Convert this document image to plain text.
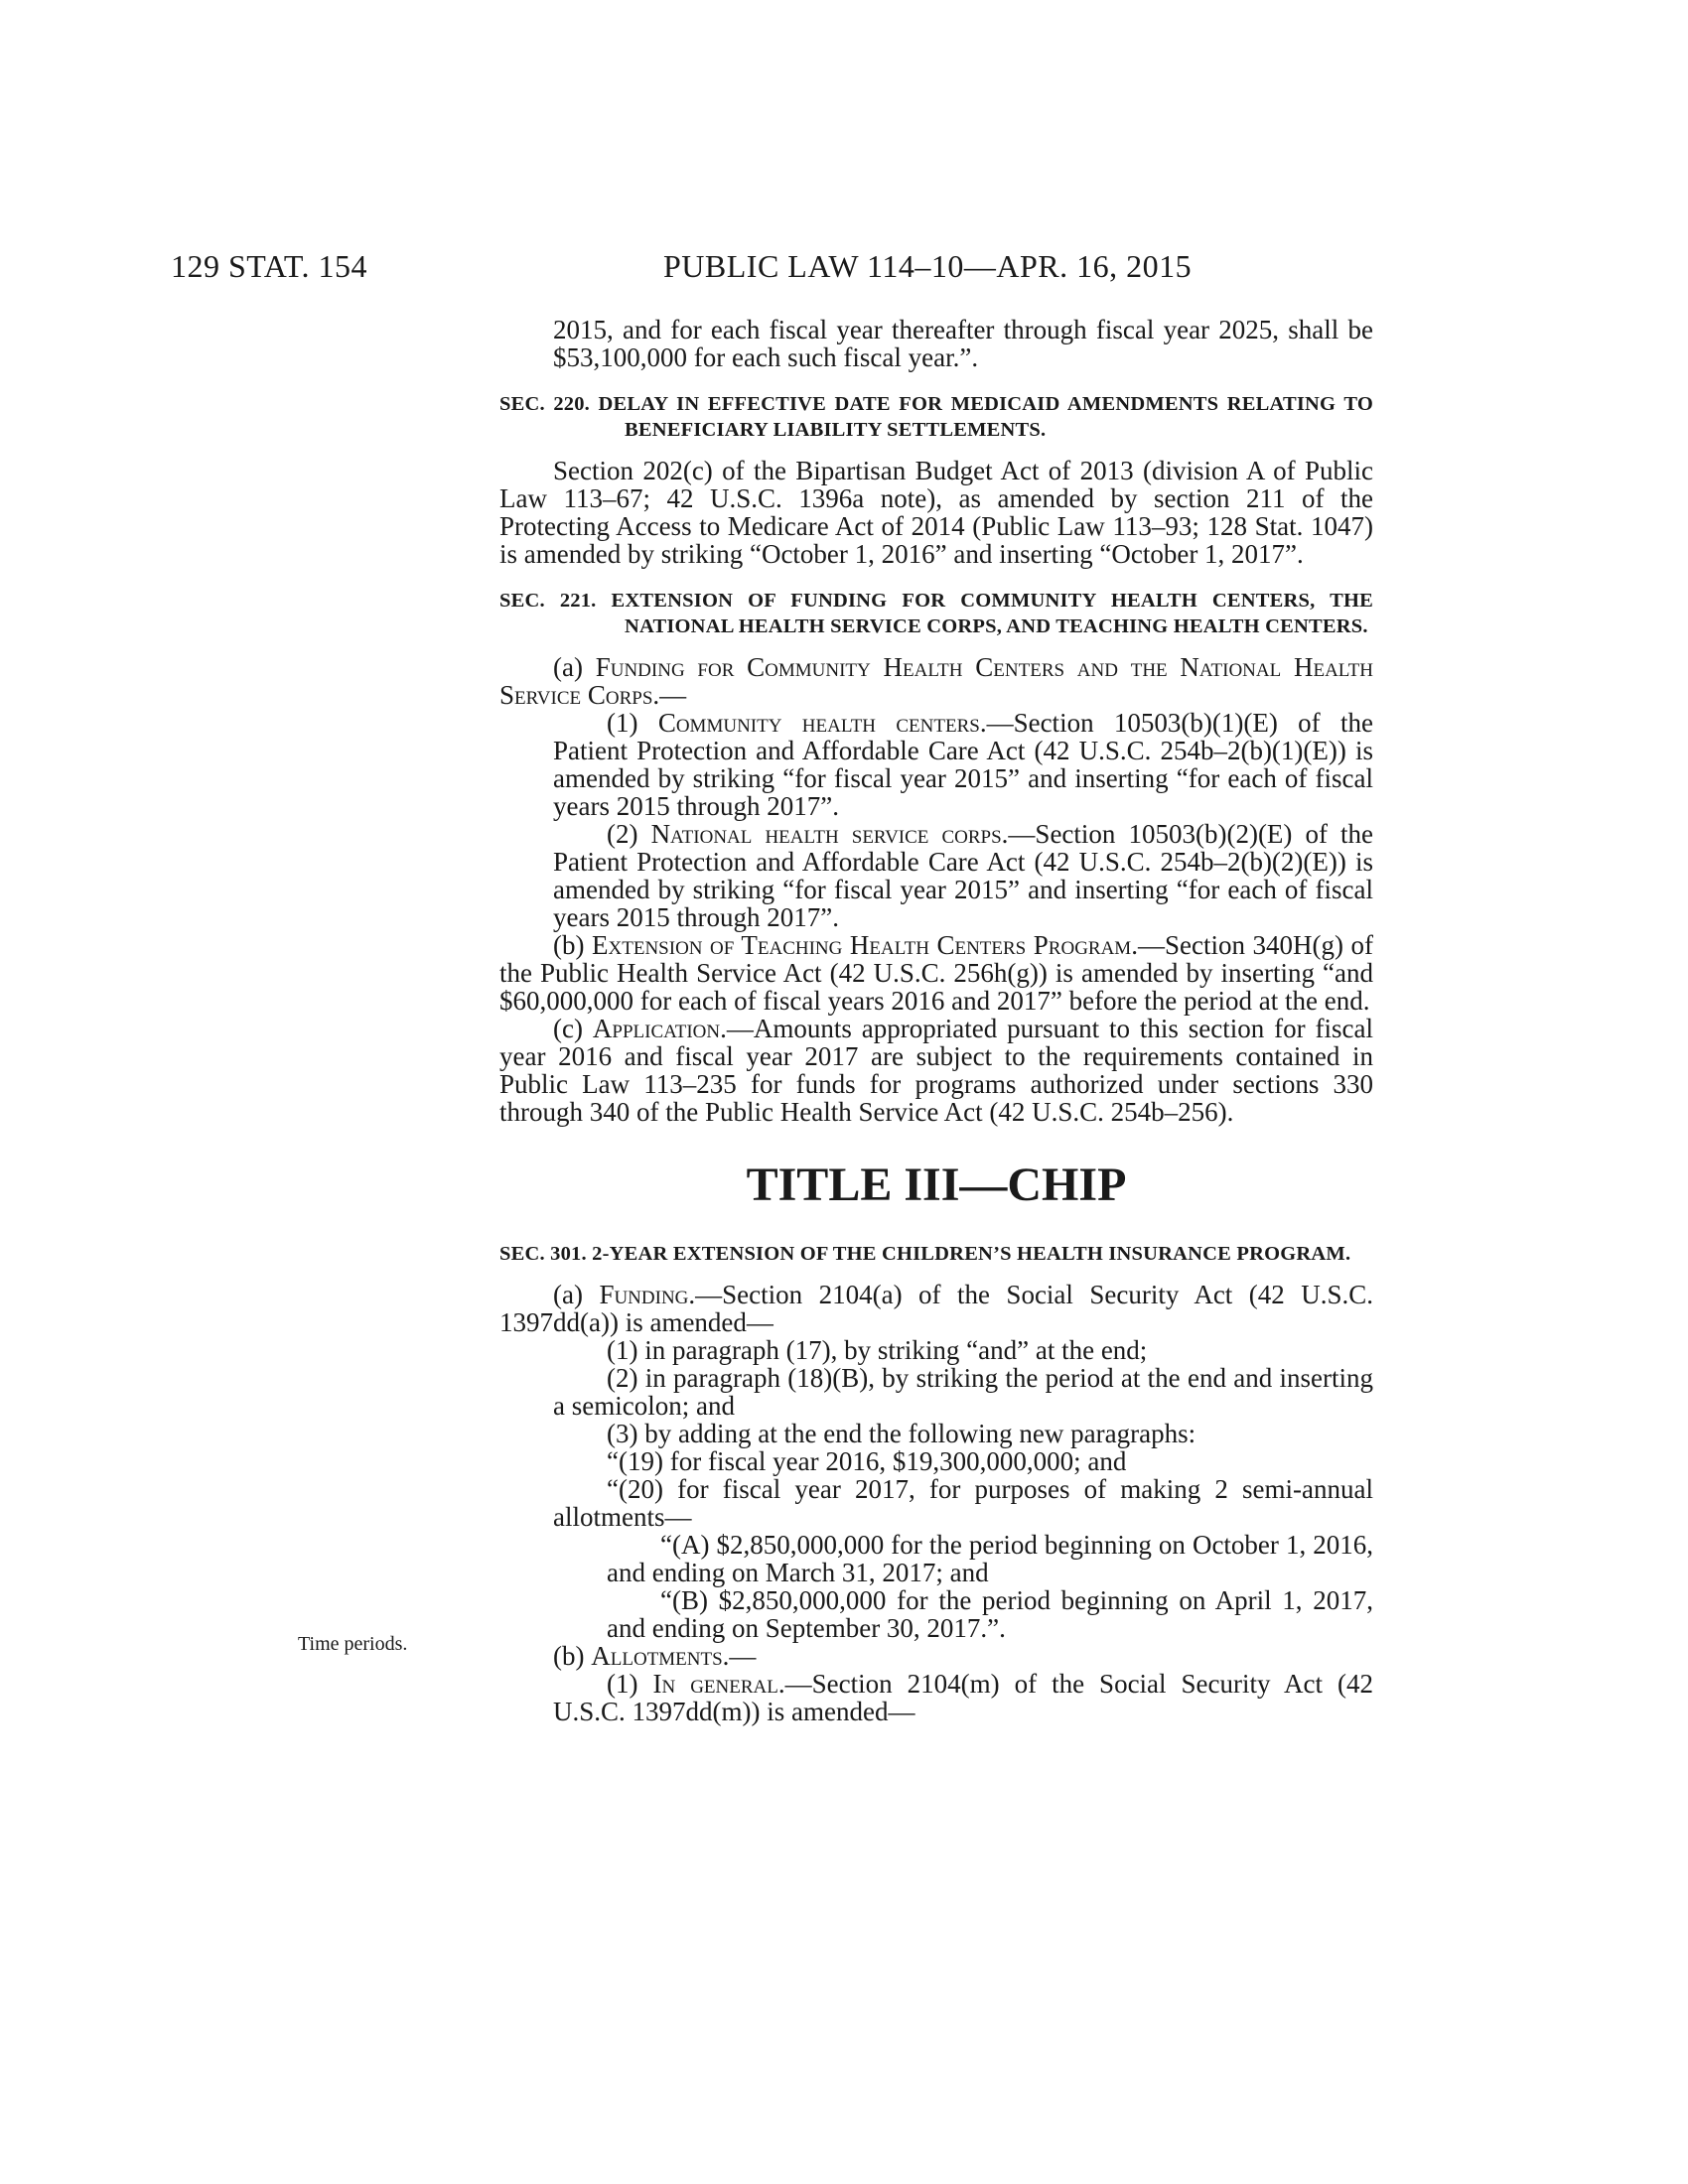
129 STAT. 154	PUBLIC LAW 114–10—APR. 16, 2015
Time periods.

2015, and for each fiscal year thereafter through fiscal year 2025, shall be $53,100,000 for each such fiscal year.”.

SEC. 220. DELAY IN EFFECTIVE DATE FOR MEDICAID AMENDMENTS RELATING TO BENEFICIARY LIABILITY SETTLEMENTS.

Section 202(c) of the Bipartisan Budget Act of 2013 (division A of Public Law 113–67; 42 U.S.C. 1396a note), as amended by section 211 of the Protecting Access to Medicare Act of 2014 (Public Law 113–93; 128 Stat. 1047) is amended by striking “October 1, 2016” and inserting “October 1, 2017”.

SEC. 221. EXTENSION OF FUNDING FOR COMMUNITY HEALTH CENTERS, THE NATIONAL HEALTH SERVICE CORPS, AND TEACHING HEALTH CENTERS.

(a) Funding for Community Health Centers and the National Health Service Corps.—

(1) Community health centers.—Section 10503(b)(1)(E) of the Patient Protection and Affordable Care Act (42 U.S.C. 254b–2(b)(1)(E)) is amended by striking “for fiscal year 2015” and inserting “for each of fiscal years 2015 through 2017”.

(2) National health service corps.—Section 10503(b)(2)(E) of the Patient Protection and Affordable Care Act (42 U.S.C. 254b–2(b)(2)(E)) is amended by striking “for fiscal year 2015” and inserting “for each of fiscal years 2015 through 2017”.

(b) Extension of Teaching Health Centers Program.—Section 340H(g) of the Public Health Service Act (42 U.S.C. 256h(g)) is amended by inserting “and $60,000,000 for each of fiscal years 2016 and 2017” before the period at the end.

(c) Application.—Amounts appropriated pursuant to this section for fiscal year 2016 and fiscal year 2017 are subject to the requirements contained in Public Law 113–235 for funds for programs authorized under sections 330 through 340 of the Public Health Service Act (42 U.S.C. 254b–256).

TITLE III—CHIP

SEC. 301. 2-YEAR EXTENSION OF THE CHILDREN’S HEALTH INSURANCE PROGRAM.

(a) Funding.—Section 2104(a) of the Social Security Act (42 U.S.C. 1397dd(a)) is amended—

(1) in paragraph (17), by striking “and” at the end;

(2) in paragraph (18)(B), by striking the period at the end and inserting a semicolon; and

(3) by adding at the end the following new paragraphs:

“(19) for fiscal year 2016, $19,300,000,000; and

“(20) for fiscal year 2017, for purposes of making 2 semi-annual allotments—

“(A) $2,850,000,000 for the period beginning on October 1, 2016, and ending on March 31, 2017; and

“(B) $2,850,000,000 for the period beginning on April 1, 2017, and ending on September 30, 2017.”.

(b) Allotments.—

(1) In general.—Section 2104(m) of the Social Security Act (42 U.S.C. 1397dd(m)) is amended—
